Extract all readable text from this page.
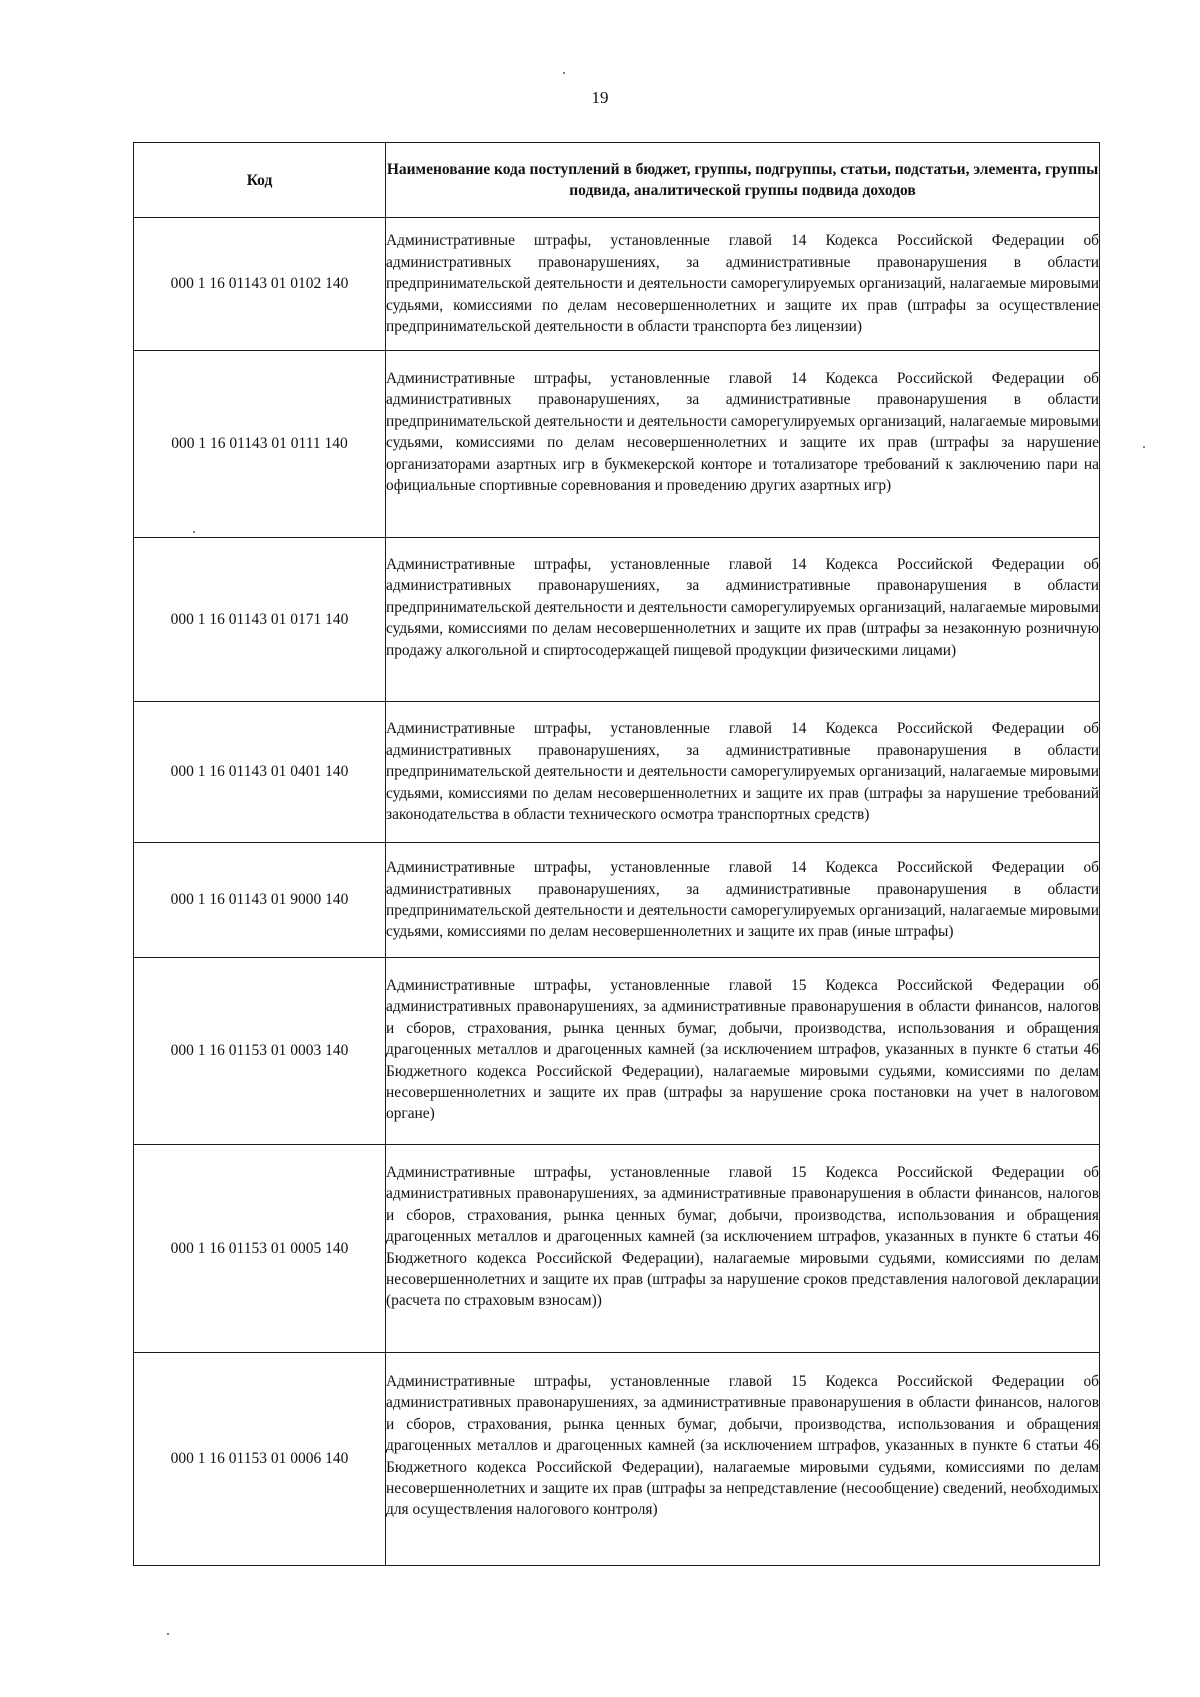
19
Код	Наименование кода поступлений в бюджет, группы, подгруппы, статьи, подстатьи, элемента, группы подвида, аналитической группы подвида доходов
000 1 16 01143 01 0102 140	Административные штрафы, установленные главой 14 Кодекса Российской Федерации об административных правонарушениях, за административные правонарушения в области предпринимательской деятельности и деятельности саморегулируемых организаций, налагаемые мировыми судьями, комиссиями по делам несовершеннолетних и защите их прав (штрафы за осуществление предпринимательской деятельности в области транспорта без лицензии)
000 1 16 01143 01 0111 140	Административные штрафы, установленные главой 14 Кодекса Российской Федерации об административных правонарушениях, за административные правонарушения в области предпринимательской деятельности и деятельности саморегулируемых организаций, налагаемые мировыми судьями, комиссиями по делам несовершеннолетних и защите их прав (штрафы за нарушение организаторами азартных игр в букмекерской конторе и тотализаторе требований к заключению пари на официальные спортивные соревнования и проведению других азартных игр)
000 1 16 01143 01 0171 140	Административные штрафы, установленные главой 14 Кодекса Российской Федерации об административных правонарушениях, за административные правонарушения в области предпринимательской деятельности и деятельности саморегулируемых организаций, налагаемые мировыми судьями, комиссиями по делам несовершеннолетних и защите их прав (штрафы за незаконную розничную продажу алкогольной и спиртосодержащей пищевой продукции физическими лицами)
000 1 16 01143 01 0401 140	Административные штрафы, установленные главой 14 Кодекса Российской Федерации об административных правонарушениях, за административные правонарушения в области предпринимательской деятельности и деятельности саморегулируемых организаций, налагаемые мировыми судьями, комиссиями по делам несовершеннолетних и защите их прав (штрафы за нарушение требований законодательства в области технического осмотра транспортных средств)
000 1 16 01143 01 9000 140	Административные штрафы, установленные главой 14 Кодекса Российской Федерации об административных правонарушениях, за административные правонарушения в области предпринимательской деятельности и деятельности саморегулируемых организаций, налагаемые мировыми судьями, комиссиями по делам несовершеннолетних и защите их прав (иные штрафы)
000 1 16 01153 01 0003 140	Административные штрафы, установленные главой 15 Кодекса Российской Федерации об административных правонарушениях, за административные правонарушения в области финансов, налогов и сборов, страхования, рынка ценных бумаг, добычи, производства, использования и обращения драгоценных металлов и драгоценных камней (за исключением штрафов, указанных в пункте 6 статьи 46 Бюджетного кодекса Российской Федерации), налагаемые мировыми судьями, комиссиями по делам несовершеннолетних и защите их прав (штрафы за нарушение срока постановки на учет в налоговом органе)
000 1 16 01153 01 0005 140	Административные штрафы, установленные главой 15 Кодекса Российской Федерации об административных правонарушениях, за административные правонарушения в области финансов, налогов и сборов, страхования, рынка ценных бумаг, добычи, производства, использования и обращения драгоценных металлов и драгоценных камней (за исключением штрафов, указанных в пункте 6 статьи 46 Бюджетного кодекса Российской Федерации), налагаемые мировыми судьями, комиссиями по делам несовершеннолетних и защите их прав (штрафы за нарушение сроков представления налоговой декларации (расчета по страховым взносам))
000 1 16 01153 01 0006 140	Административные штрафы, установленные главой 15 Кодекса Российской Федерации об административных правонарушениях, за административные правонарушения в области финансов, налогов и сборов, страхования, рынка ценных бумаг, добычи, производства, использования и обращения драгоценных металлов и драгоценных камней (за исключением штрафов, указанных в пункте 6 статьи 46 Бюджетного кодекса Российской Федерации), налагаемые мировыми судьями, комиссиями по делам несовершеннолетних и защите их прав (штрафы за непредставление (несообщение) сведений, необходимых для осуществления налогового контроля)
